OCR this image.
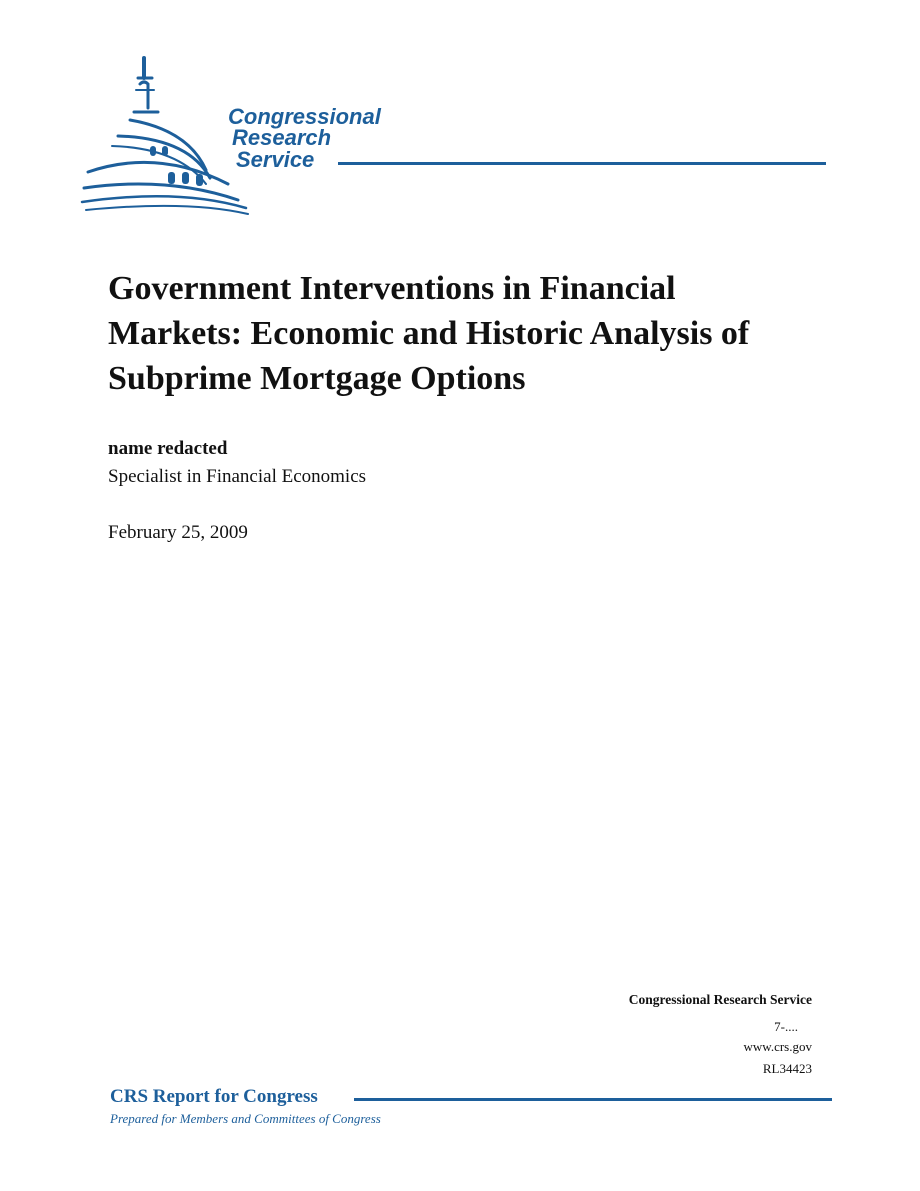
Congressional
Research
Service
Government Interventions in Financial Markets: Economic and Historic Analysis of Subprime Mortgage Options
name redacted
Specialist in Financial Economics
February 25, 2009
Congressional Research Service
7-....
www.crs.gov
RL34423
CRS Report for Congress
Prepared for Members and Committees of Congress
